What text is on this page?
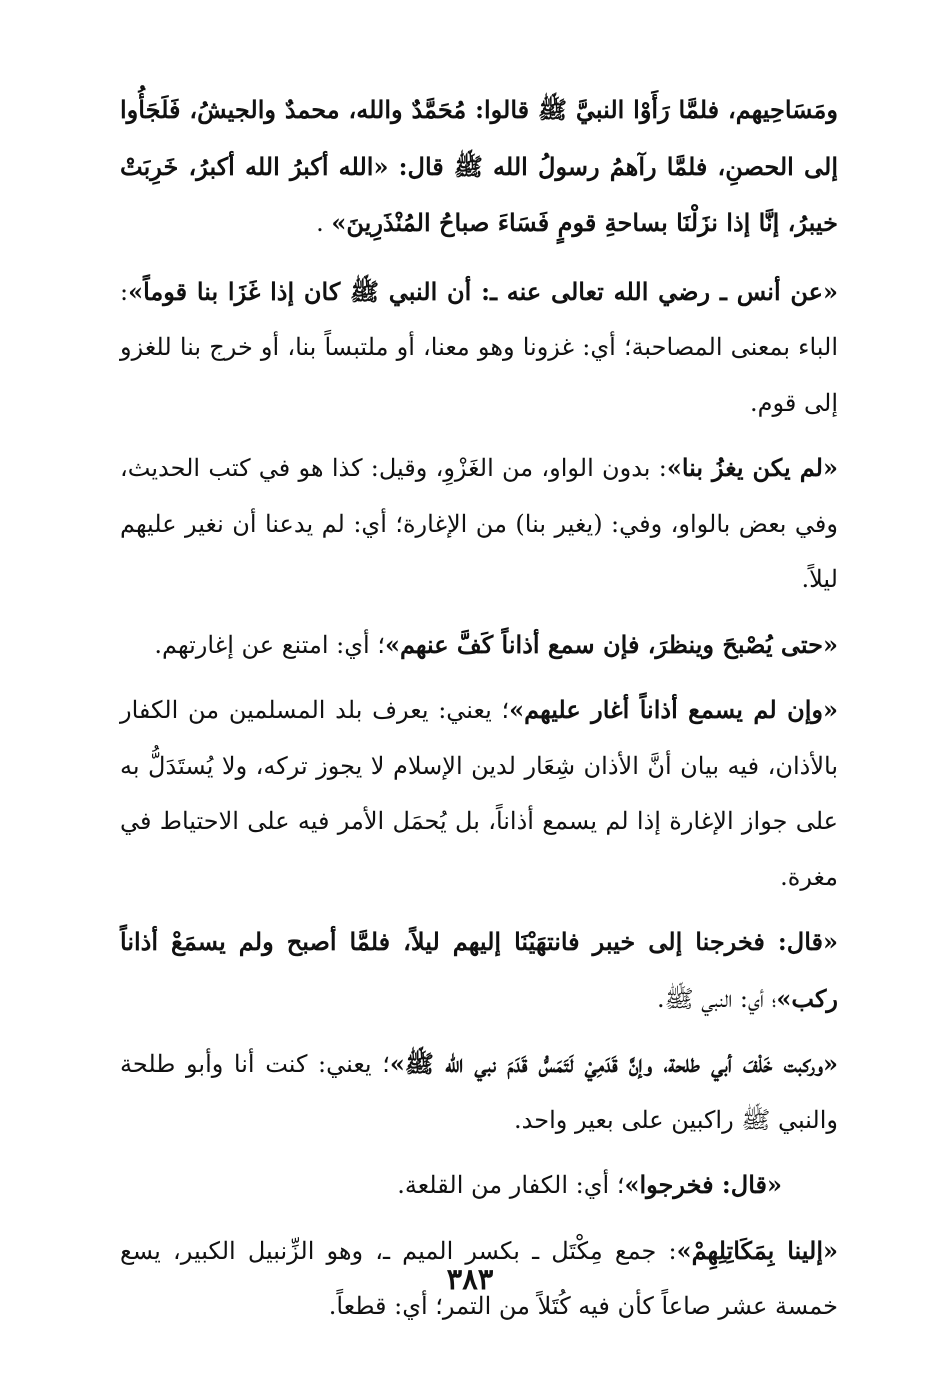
ومَسَاحِيهم، فلمَّا رَأَوْا النبيَّ ﷺ قالوا: مُحَمَّدٌ والله، محمدٌ والجيشُ، فَلَجَأُوا إلى الحصنِ، فلمَّا رآهمُ رسولُ الله ﷺ قال: «الله أكبرُ الله أكبرُ، خَرِبَتْ خيبرُ، إنَّا إذا نزَلْنَا بساحةِ قومٍ فَسَاءَ صباحُ المُنْذَرِينَ» .

«عن أنس ـ رضي الله تعالى عنه ـ: أن النبي ﷺ كان إذا غَزَا بنا قوماً»: الباء بمعنى المصاحبة؛ أي: غزونا وهو معنا، أو ملتبساً بنا، أو خرج بنا للغزو إلى قوم.

«لم يكن يغزُ بنا»: بدون الواو، من الغَزْوِ، وقيل: كذا هو في كتب الحديث، وفي بعض بالواو، وفي: (يغير بنا) من الإغارة؛ أي: لم يدعنا أن نغير عليهم ليلاً.

«حتى يُصْبحَ وينظرَ، فإن سمع أذاناً كَفَّ عنهم»؛ أي: امتنع عن إغارتهم.

«وإن لم يسمع أذاناً أغار عليهم»؛ يعني: يعرف بلد المسلمين من الكفار بالأذان، فيه بيان أنَّ الأذان شِعَار لدين الإسلام لا يجوز تركه، ولا يُستَدَلُّ به على جواز الإغارة إذا لم يسمع أذاناً، بل يُحمَل الأمر فيه على الاحتياط في مغرة.

«قال: فخرجنا إلى خيبر فانتهَيْنَا إليهم ليلاً، فلمَّا أصبح ولم يسمَعْ أذاناً ركب»؛ أي: النبي ﷺ.

«وركبت خَلْفَ أبي طلحة، وإنَّ قَدَمِيْ لَتَمَسُّ قَدَمَ نبي الله ﷺ»؛ يعني: كنت أنا وأبو طلحة والنبي ﷺ راكبين على بعير واحد.

«قال: فخرجوا»؛ أي: الكفار من القلعة.

«إلينا بِمَكَاتِلِهِمْ»: جمع مِكْتَل ـ بكسر الميم ـ، وهو الزِّنبيل الكبير، يسع خمسة عشر صاعاً كأن فيه كُتَلاً من التمر؛ أي: قطعاً.

٣٨٣
